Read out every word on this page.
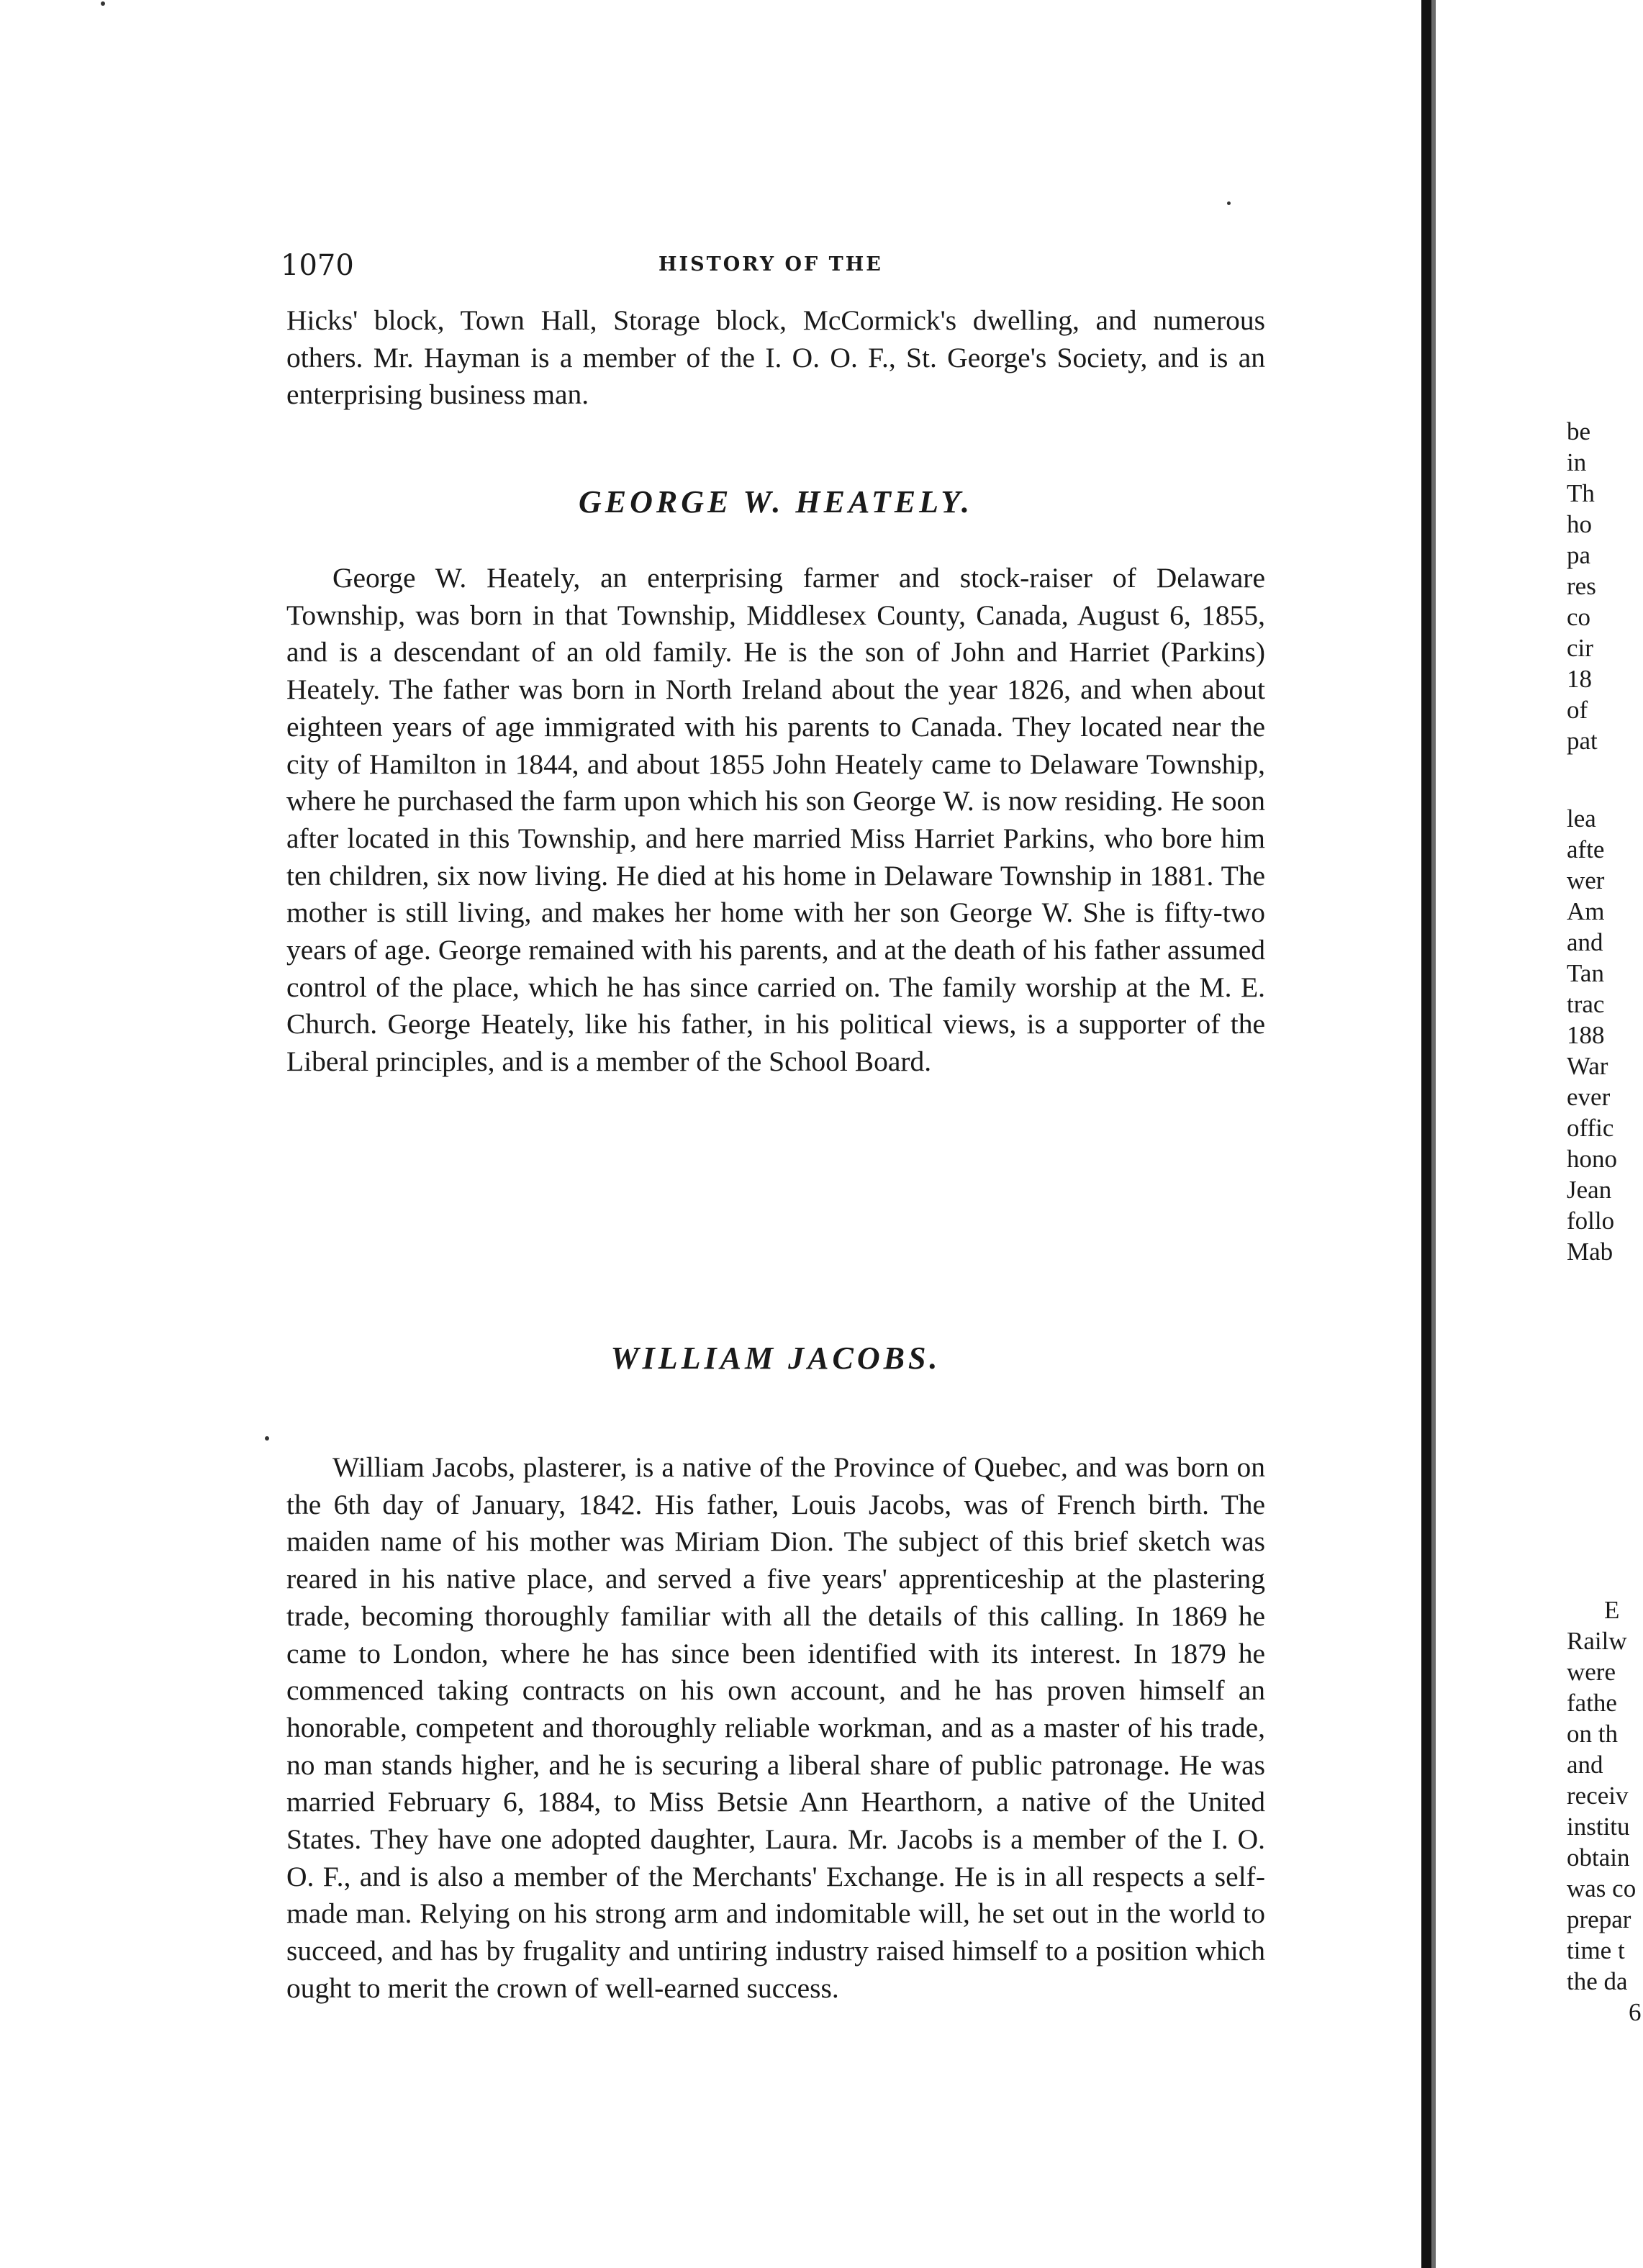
1070	HISTORY OF THE

Hicks' block, Town Hall, Storage block, McCormick's dwelling, and numerous others. Mr. Hayman is a member of the I. O. O. F., St. George's Society, and is an enterprising business man.

GEORGE W. HEATELY.

George W. Heately, an enterprising farmer and stock-raiser of Delaware Township, was born in that Township, Middlesex County, Canada, August 6, 1855, and is a descendant of an old family. He is the son of John and Harriet (Parkins) Heately. The father was born in North Ireland about the year 1826, and when about eighteen years of age immigrated with his parents to Canada. They located near the city of Hamilton in 1844, and about 1855 John Heately came to Delaware Township, where he purchased the farm upon which his son George W. is now residing. He soon after located in this Township, and here married Miss Harriet Parkins, who bore him ten children, six now living. He died at his home in Delaware Township in 1881. The mother is still living, and makes her home with her son George W. She is fifty-two years of age. George remained with his parents, and at the death of his father assumed control of the place, which he has since carried on. The family worship at the M. E. Church. George Heately, like his father, in his political views, is a supporter of the Liberal principles, and is a member of the School Board.

WILLIAM JACOBS.

William Jacobs, plasterer, is a native of the Province of Quebec, and was born on the 6th day of January, 1842. His father, Louis Jacobs, was of French birth. The maiden name of his mother was Miriam Dion. The subject of this brief sketch was reared in his native place, and served a five years' apprenticeship at the plastering trade, becoming thoroughly familiar with all the details of this calling. In 1869 he came to London, where he has since been identified with its interest. In 1879 he commenced taking contracts on his own account, and he has proven himself an honorable, competent and thoroughly reliable workman, and as a master of his trade, no man stands higher, and he is securing a liberal share of public patronage. He was married February 6, 1884, to Miss Betsie Ann Hearthorn, a native of the United States. They have one adopted daughter, Laura. Mr. Jacobs is a member of the I. O. O. F., and is also a member of the Merchants' Exchange. He is in all respects a self-made man. Relying on his strong arm and indomitable will, he set out in the world to succeed, and has by frugality and untiring industry raised himself to a position which ought to merit the crown of well-earned success.

be
in
Th
ho
pa
res
co
cir
18
of
pat
lea
afte
wer
Am
and
Tan
trac
188
War
ever
offic
hono
Jean
follo
Mab
E
Railw
were
fathe
on th
and
receiv
institu
obtain
was co
prepar
time t
the da
6
